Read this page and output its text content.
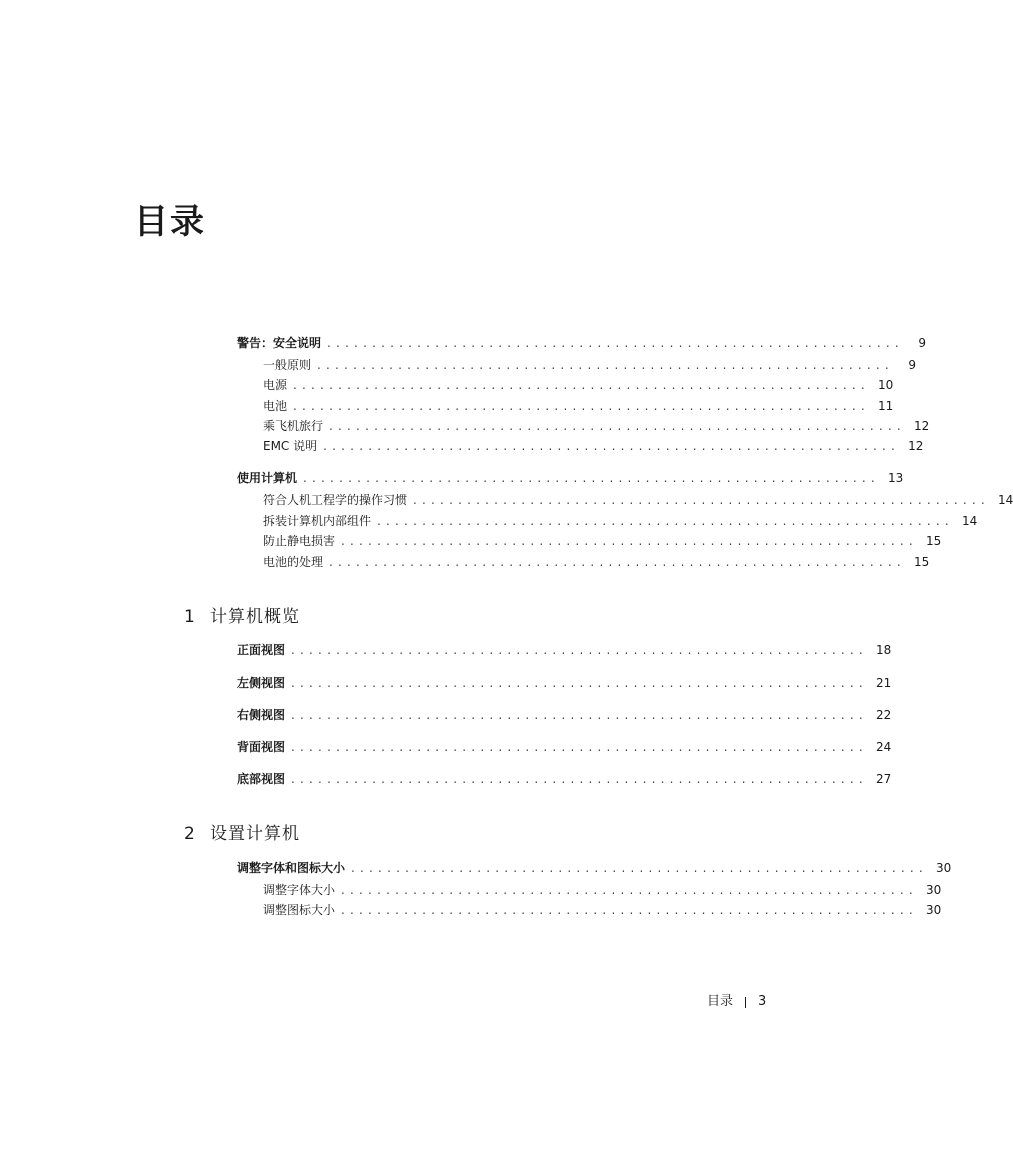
目录
警告：安全说明 ................................................................	9
一般原则 ................................................................	9
电源 ................................................................ 10
电池 ................................................................ 11
乘飞机旅行 ................................................................ 12
EMC 说明 ................................................................ 12
使用计算机 ................................................................ 13
符合人机工程学的操作习惯 ................................................................ 14
拆装计算机内部组件 ................................................................ 14
防止静电损害 ................................................................ 15
电池的处理 ................................................................ 15
1 计算机概览
正面视图 ................................................................ 18
左侧视图 ................................................................ 21
右侧视图 ................................................................ 22
背面视图 ................................................................ 24
底部视图 ................................................................ 27
2 设置计算机
调整字体和图标大小 ................................................................ 30
调整字体大小 ................................................................ 30
调整图标大小 ................................................................ 30
目录 3
